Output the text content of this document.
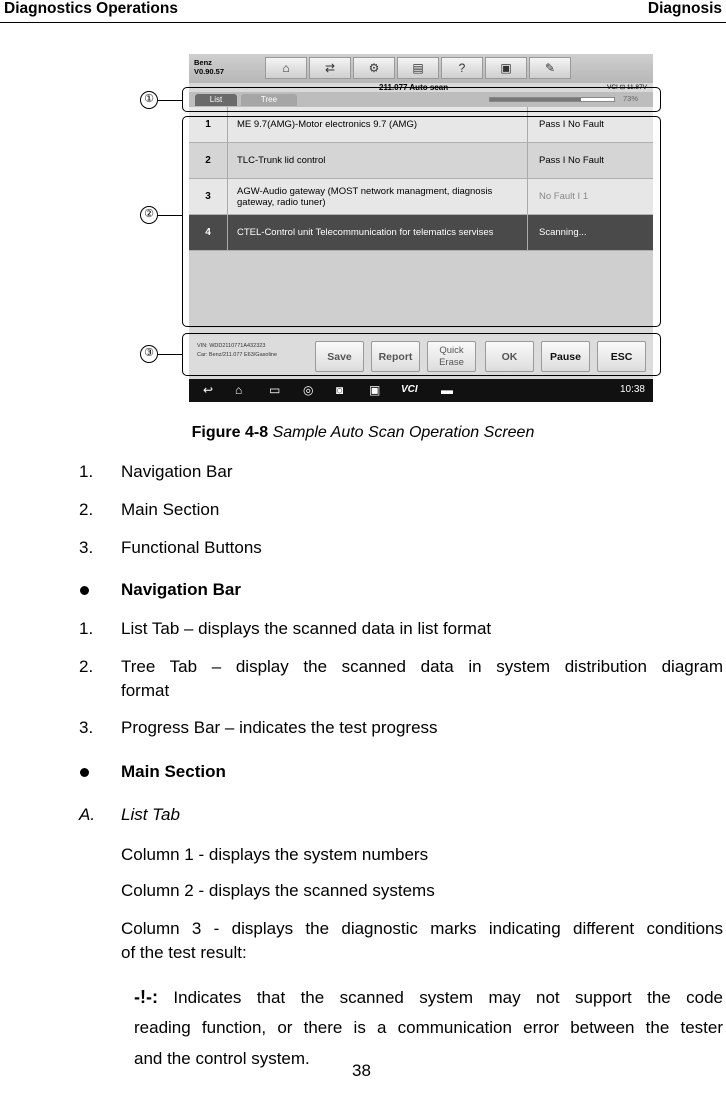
Diagnostics Operations	Diagnosis
Benz
V0.90.57	⌂	⇄	⚙	▤	?	▣	✎
211.077 Auto scan	VCI ⊡ 11.87V
List	Tree	73%
1	ME 9.7(AMG)-Motor electronics 9.7 (AMG)	Pass I No Fault
2	TLC-Trunk lid control	Pass I No Fault
3	AGW-Audio gateway (MOST network managment, diagnosis gateway, radio tuner)	No Fault I 1
4	CTEL-Control unit Telecommunication for telematics servises	Scanning...
VIN: WDD2110771A432323
Car: Benz/211.077 E63/Gasoline	Save	Report
Quick Erase	OK	Pause	ESC
↩ ⌂ ▭ ◎ ◙ ▣ VCI ▬	10:38
①
②
③
Figure 4-8 Sample Auto Scan Operation Screen
1. Navigation Bar
2. Main Section
3. Functional Buttons
Navigation Bar
1. List Tab – displays the scanned data in list format
2. Tree  Tab  –  display  the  scanned  data  in  system  distribution  diagram
format
3. Progress Bar – indicates the test progress
Main Section
A. List Tab
Column 1 - displays the system numbers
Column 2 - displays the scanned systems
Column 3 - displays the diagnostic marks indicating different conditions
of the test result:
-!-: Indicates  that  the  scanned  system  may  not  support  the  code
reading function, or there is a communication error between the tester
and the control system.
38
